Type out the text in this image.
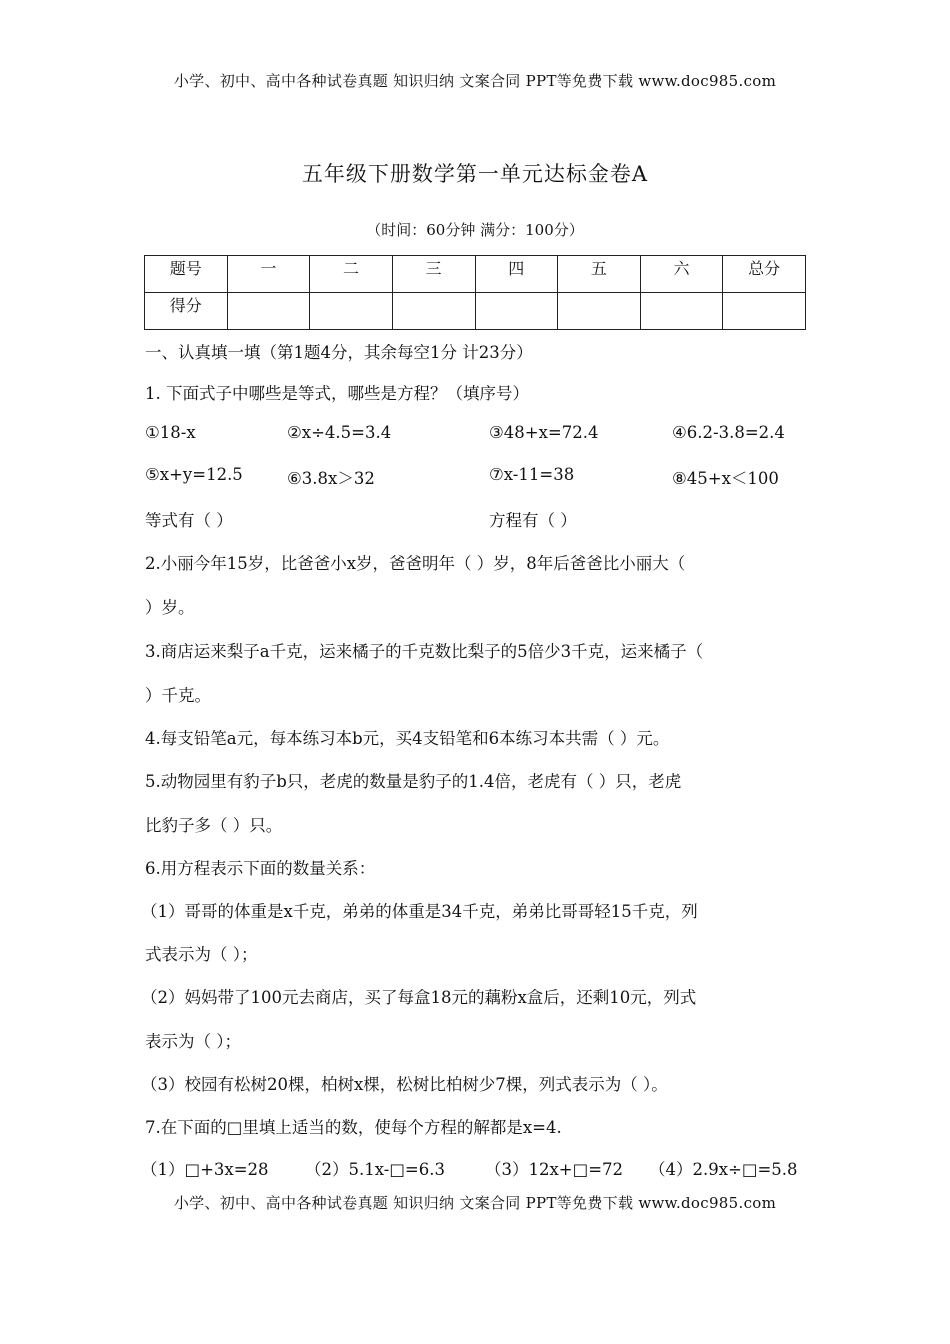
小学、初中、高中各种试卷真题 知识归纳 文案合同 PPT等免费下载 www.doc985.com
五年级下册数学第一单元达标金卷A
（时间：60分钟 满分：100分）
题号	一	二	三	四	五	六	总分
得分							
一、认真填一填（第1题4分，其余每空1分 计23分）
1. 下面式子中哪些是等式，哪些是方程？（填序号）
①18-x	②x÷4.5=3.4	③48+x=72.4	④6.2-3.8=2.4
⑤x+y=12.5	⑥3.8x＞32	⑦x-11=38	⑧45+x＜100
等式有（ ）	方程有（ ）
2.小丽今年15岁，比爸爸小x岁，爸爸明年（ ）岁，8年后爸爸比小丽大（
）岁。
3.商店运来梨子a千克，运来橘子的千克数比梨子的5倍少3千克，运来橘子（
）千克。
4.每支铅笔a元，每本练习本b元，买4支铅笔和6本练习本共需（ ）元。
5.动物园里有豹子b只，老虎的数量是豹子的1.4倍，老虎有（ ）只，老虎
比豹子多（ ）只。
6.用方程表示下面的数量关系：
（1）哥哥的体重是x千克，弟弟的体重是34千克，弟弟比哥哥轻15千克，列
式表示为（ ）；
（2）妈妈带了100元去商店，买了每盒18元的藕粉x盒后，还剩10元，列式
表示为（ ）；
（3）校园有松树20棵，柏树x棵，松树比柏树少7棵，列式表示为（ ）。
7.在下面的□里填上适当的数，使每个方程的解都是x=4.
（1）□+3x=28 （2）5.1x-□=6.3 （3）12x+□=72 （4）2.9x÷□=5.8
小学、初中、高中各种试卷真题 知识归纳 文案合同 PPT等免费下载 www.doc985.com
